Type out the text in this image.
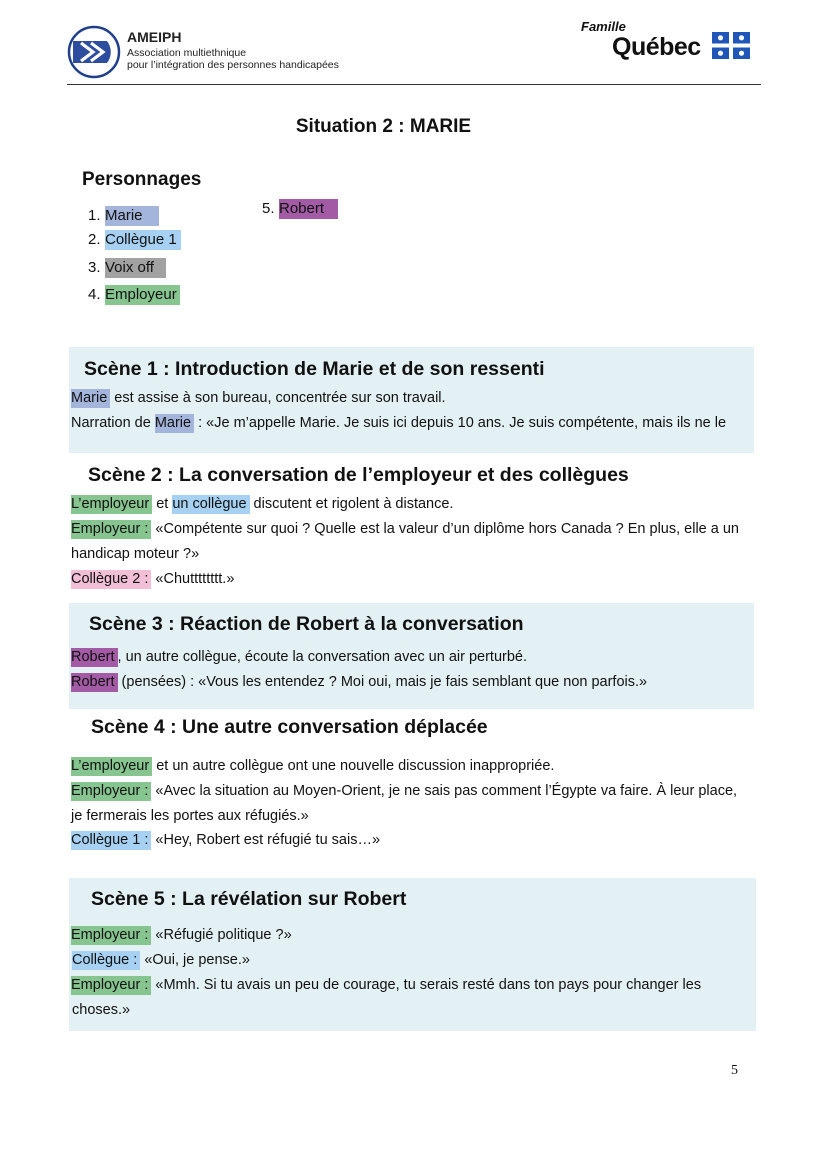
AMEIPH
Association multiethnique
pour l’intégration des personnes handicapées
Famille
Québec
Situation 2 : MARIE
Personnages
1. Marie
2. Collègue 1
3. Voix off
4. Employeur
5. Robert
Scène 1 : Introduction de Marie et de son ressenti
Marie est assise à son bureau, concentrée sur son travail.
Narration de Marie : «Je m’appelle Marie. Je suis ici depuis 10 ans. Je suis compétente, mais ils ne le
Scène 2 : La conversation de l’employeur et des collègues
L’employeur et un collègue discutent et rigolent à distance.
Employeur : «Compétente sur quoi ? Quelle est la valeur d’un diplôme hors Canada ? En plus, elle a un
handicap moteur ?»
Collègue 2 : «Chutttttttt.»
Scène 3 : Réaction de Robert à la conversation
Robert , un autre collègue, écoute la conversation avec un air perturbé.
Robert (pensées) : «Vous les entendez ? Moi oui, mais je fais semblant que non parfois.»
Scène 4 : Une autre conversation déplacée
L’employeur et un autre collègue ont une nouvelle discussion inappropriée.
Employeur : «Avec la situation au Moyen-Orient, je ne sais pas comment l’Égypte va faire. À leur place,
je fermerais les portes aux réfugiés.»
Collègue 1 : «Hey, Robert est réfugié tu sais…»
Scène 5 : La révélation sur Robert
Employeur : «Réfugié politique ?»
Collègue : «Oui, je pense.»
Employeur : «Mmh. Si tu avais un peu de courage, tu serais resté dans ton pays pour changer les
choses.»
5
